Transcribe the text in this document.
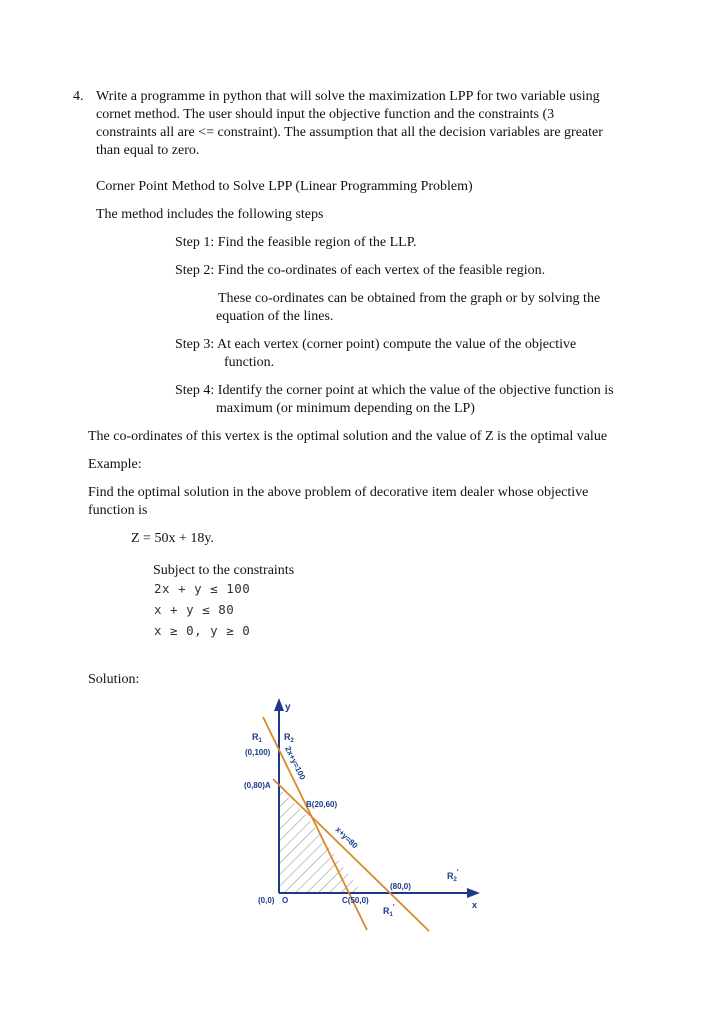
4. Write a programme in python that will solve the maximization LPP for two variable using
cornet method. The user should input the objective function and the constraints (3
constraints all are <= constraint). The assumption that all the decision variables are greater
than equal to zero.
Corner Point Method to Solve LPP (Linear Programming Problem)
The method includes the following steps
Step 1: Find the feasible region of the LLP.
Step 2: Find the co-ordinates of each vertex of the feasible region.
These co-ordinates can be obtained from the graph or by solving the
equation of the lines.
Step 3: At each vertex (corner point) compute the value of the objective
function.
Step 4: Identify the corner point at which the value of the objective function is
maximum (or minimum depending on the LP)
The co-ordinates of this vertex is the optimal solution and the value of Z is the optimal value
Example:
Find the optimal solution in the above problem of decorative item dealer whose objective
function is
Z = 50x + 18y.
Subject to the constraints
2x + y ≤ 100
x + y ≤ 80
x ≥ 0, y ≥ 0
Solution:
y
x
$R_1$ $R_2$
(0,100)
(0,80)A
B(20,60)
(0,0) O	C(50,0)
(80,0)
2x+y=100
x+y=80
$R_2'$
$R_1'$
